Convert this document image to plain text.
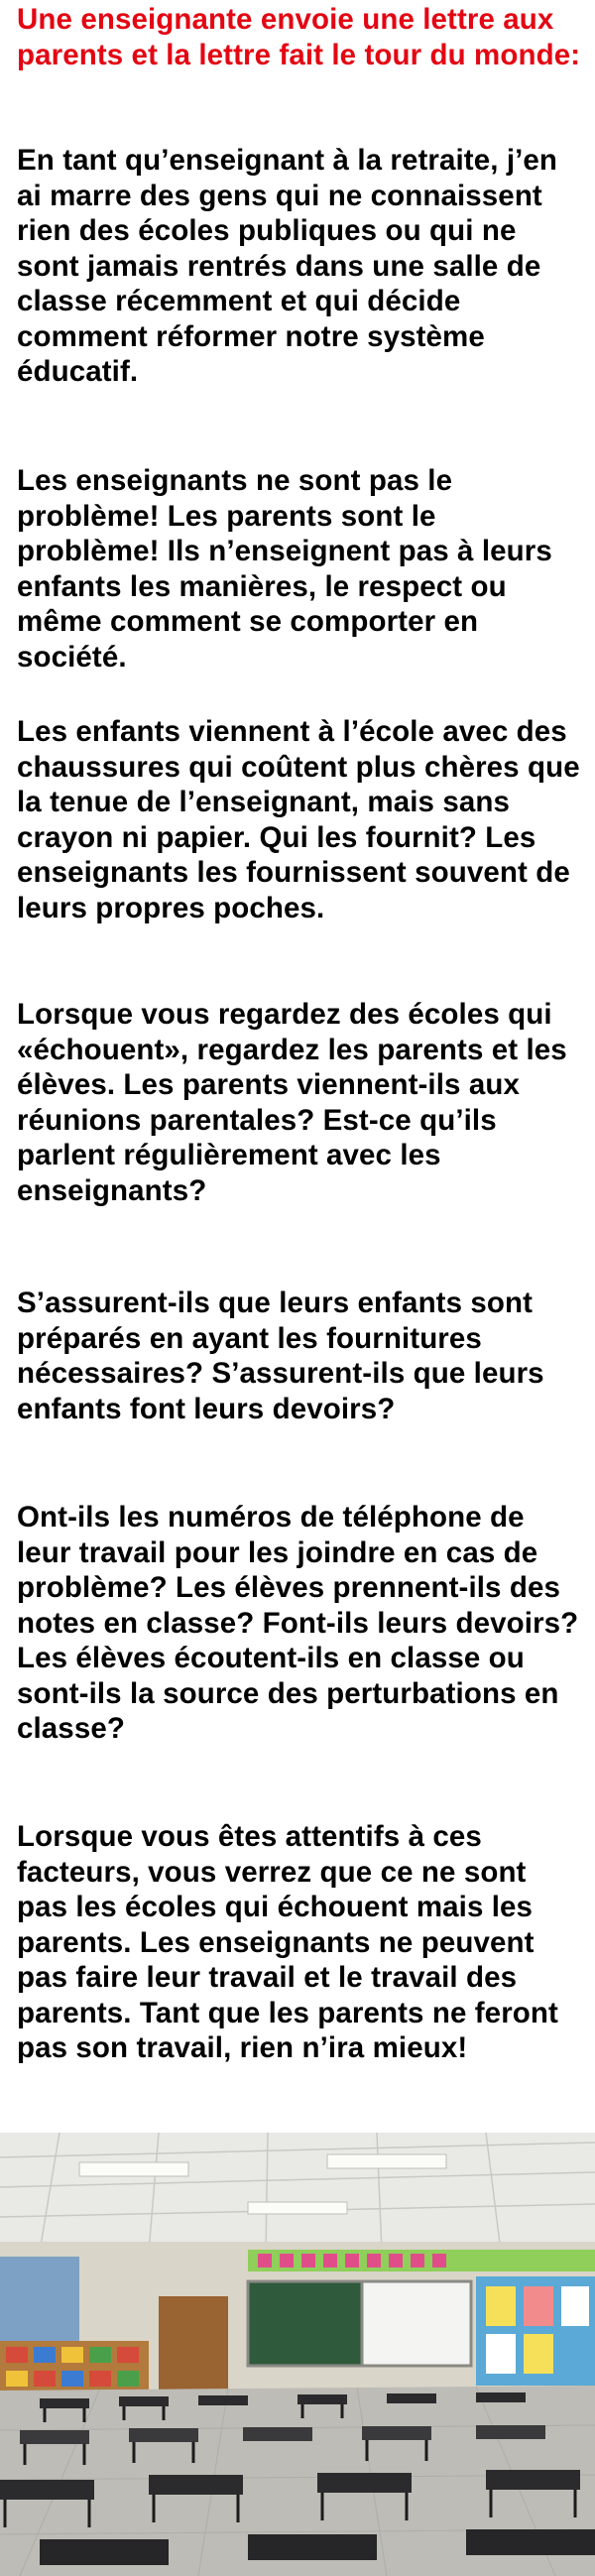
Une enseignante envoie une lettre aux parents et la lettre fait le tour du monde:
En tant qu’enseignant à la retraite, j’en ai marre des gens qui ne connaissent rien des écoles publiques ou qui ne sont jamais rentrés dans une salle de classe récemment et qui décide comment réformer notre système éducatif.
Les enseignants ne sont pas le problème! Les parents sont le problème! Ils n’enseignent pas à leurs enfants les manières, le respect ou même comment se comporter en société.
Les enfants viennent à l’école avec des chaussures qui coûtent plus chères que la tenue de l’enseignant, mais sans crayon ni papier. Qui les fournit? Les enseignants les fournissent souvent de leurs propres poches.
Lorsque vous regardez des écoles qui «échouent», regardez les parents et les élèves. Les parents viennent-ils aux réunions parentales? Est-ce qu’ils parlent régulièrement avec les enseignants?
S’assurent-ils que leurs enfants sont préparés en ayant les fournitures nécessaires? S’assurent-ils que leurs enfants font leurs devoirs?
Ont-ils les numéros de téléphone de leur travail pour les joindre en cas de problème? Les élèves prennent-ils des notes en classe? Font-ils leurs devoirs? Les élèves écoutent-ils en classe ou sont-ils la source des perturbations en classe?
Lorsque vous êtes attentifs à ces facteurs, vous verrez que ce ne sont pas les écoles qui échouent mais les parents. Les enseignants ne peuvent pas faire leur travail et le travail des parents. Tant que les parents ne feront pas son travail, rien n’ira mieux!
